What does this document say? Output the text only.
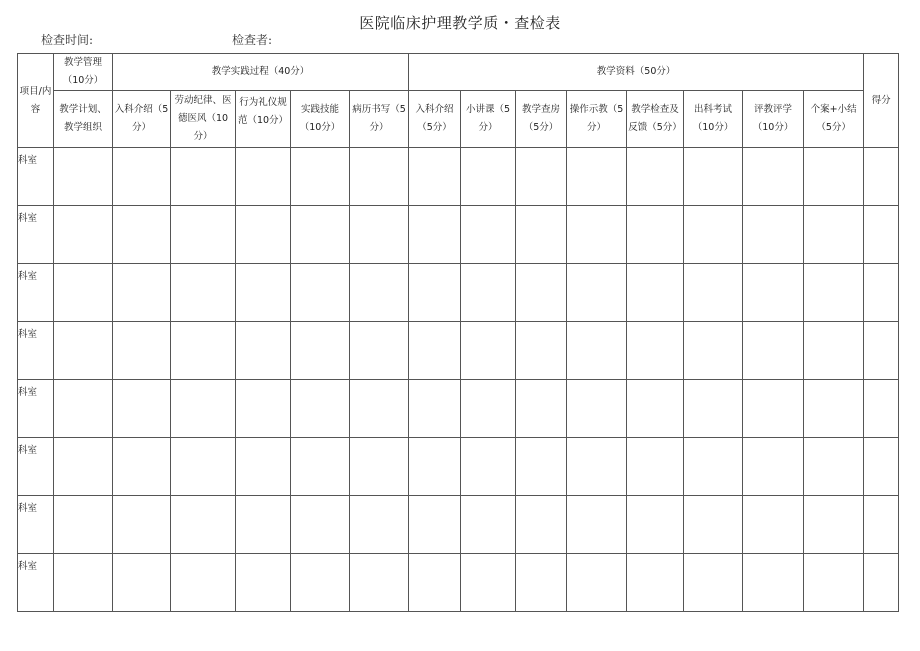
医院临床护理教学质・查检表
检查时间:	检查者:
项目/内容	教学管理（10分）	教学实践过程（40分）					教学资料（50分）								得分
	教学计划、教学组织	入科介绍（5分）	劳动纪律、医德医风（10分）	行为礼仪规范（10分）	实践技能（10分）	病历书写（5分）	入科介绍（5分）	小讲课（5分）	教学查房（5分）	操作示教（5分）	教学检查及反馈（5分）	出科考试（10分）	评教评学（10分）	个案+小结（5分）	
科室															
科室															
科室															
科室															
科室															
科室															
科室															
科室															
